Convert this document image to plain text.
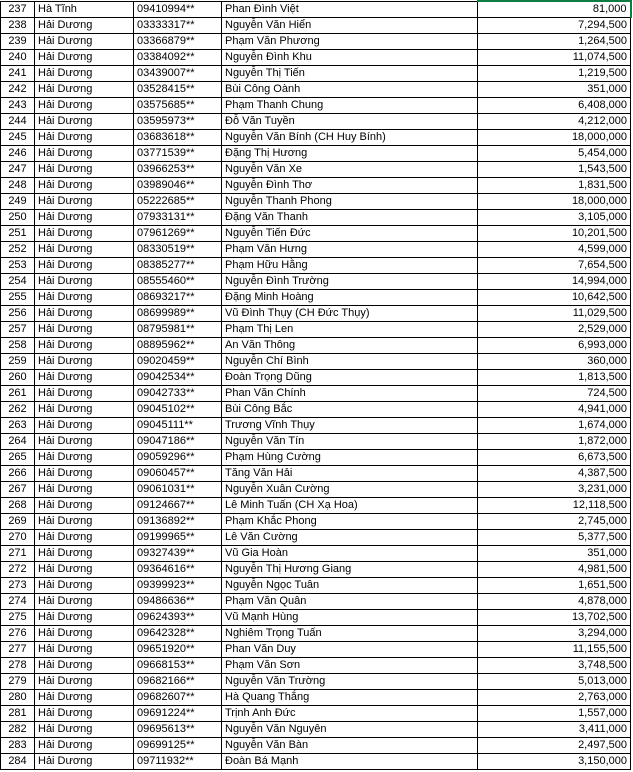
237	Hà Tĩnh	09410994**	Phan Đình Việt	81,000
238	Hải Dương	03333317**	Nguyễn Văn Hiển	7,294,500
239	Hải Dương	03366879**	Phạm Văn Phương	1,264,500
240	Hải Dương	03384092**	Nguyễn Đình Khu	11,074,500
241	Hải Dương	03439007**	Nguyễn Thị Tiến	1,219,500
242	Hải Dương	03528415**	Bùi Công Oành	351,000
243	Hải Dương	03575685**	Phạm Thanh Chung	6,408,000
244	Hải Dương	03595973**	Đỗ Văn Tuyền	4,212,000
245	Hải Dương	03683618**	Nguyễn Văn Bính (CH Huy Bính)	18,000,000
246	Hải Dương	03771539**	Đặng Thị Hương	5,454,000
247	Hải Dương	03966253**	Nguyễn Văn Xe	1,543,500
248	Hải Dương	03989046**	Nguyễn Đình Thơ	1,831,500
249	Hải Dương	05222685**	Nguyễn Thanh Phong	18,000,000
250	Hải Dương	07933131**	Đặng Văn Thanh	3,105,000
251	Hải Dương	07961269**	Nguyễn Tiến Đức	10,201,500
252	Hải Dương	08330519**	Phạm Văn Hưng	4,599,000
253	Hải Dương	08385277**	Phạm Hữu Hằng	7,654,500
254	Hải Dương	08555460**	Nguyễn Đình Trường	14,994,000
255	Hải Dương	08693217**	Đặng Minh Hoàng	10,642,500
256	Hải Dương	08699989**	Vũ Đình Thụy (CH Đức Thụy)	11,029,500
257	Hải Dương	08795981**	Phạm Thị Len	2,529,000
258	Hải Dương	08895962**	An Văn Thông	6,993,000
259	Hải Dương	09020459**	Nguyễn Chí Bình	360,000
260	Hải Dương	09042534**	Đoàn Trọng Dũng	1,813,500
261	Hải Dương	09042733**	Phan Văn Chính	724,500
262	Hải Dương	09045102**	Bùi Công Bắc	4,941,000
263	Hải Dương	09045111**	Trương Vĩnh Thụy	1,674,000
264	Hải Dương	09047186**	Nguyễn Văn Tín	1,872,000
265	Hải Dương	09059296**	Phạm Hùng Cường	6,673,500
266	Hải Dương	09060457**	Tăng Văn Hải	4,387,500
267	Hải Dương	09061031**	Nguyễn Xuân Cường	3,231,000
268	Hải Dương	09124667**	Lê Minh Tuấn (CH Xạ Hoa)	12,118,500
269	Hải Dương	09136892**	Phạm Khắc Phong	2,745,000
270	Hải Dương	09199965**	Lê Văn Cường	5,377,500
271	Hải Dương	09327439**	Vũ Gia Hoàn	351,000
272	Hải Dương	09364616**	Nguyễn Thị Hương Giang	4,981,500
273	Hải Dương	09399923**	Nguyễn Ngọc Tuân	1,651,500
274	Hải Dương	09486636**	Phạm Văn Quân	4,878,000
275	Hải Dương	09624393**	Vũ Mạnh Hùng	13,702,500
276	Hải Dương	09642328**	Nghiêm Trọng Tuấn	3,294,000
277	Hải Dương	09651920**	Phan Văn Duy	11,155,500
278	Hải Dương	09668153**	Phạm Văn Sơn	3,748,500
279	Hải Dương	09682166**	Nguyễn Văn Trường	5,013,000
280	Hải Dương	09682607**	Hà Quang Thắng	2,763,000
281	Hải Dương	09691224**	Trịnh Anh Đức	1,557,000
282	Hải Dương	09695613**	Nguyễn Văn Nguyên	3,411,000
283	Hải Dương	09699125**	Nguyễn Văn Bàn	2,497,500
284	Hải Dương	09711932**	Đoàn Bá Mạnh	3,150,000
